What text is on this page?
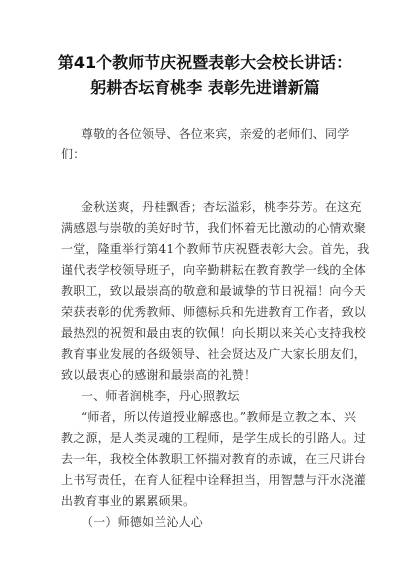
第41个教师节庆祝暨表彰大会校长讲话：
躬耕杏坛育桃李 表彰先进谱新篇
尊敬的各位领导、各位来宾，亲爱的老师们、同学
们：
金秋送爽，丹桂飘香；杏坛溢彩，桃李芬芳。在这充
满感恩与崇敬的美好时节，我们怀着无比激动的心情欢聚
一堂，隆重举行第41个教师节庆祝暨表彰大会。首先，我
谨代表学校领导班子，向辛勤耕耘在教育教学一线的全体
教职工，致以最崇高的敬意和最诚挚的节日祝福！向今天
荣获表彰的优秀教师、师德标兵和先进教育工作者，致以
最热烈的祝贺和最由衷的钦佩！向长期以来关心支持我校
教育事业发展的各级领导、社会贤达及广大家长朋友们，
致以最衷心的感谢和最崇高的礼赞！
一、师者润桃李，丹心照教坛
“师者，所以传道授业解惑也。”教师是立教之本、兴
教之源，是人类灵魂的工程师，是学生成长的引路人。过
去一年，我校全体教职工怀揣对教育的赤诚，在三尺讲台
上书写责任，在育人征程中诠释担当，用智慧与汗水浇灌
出教育事业的累累硕果。
（一）师德如兰沁人心
